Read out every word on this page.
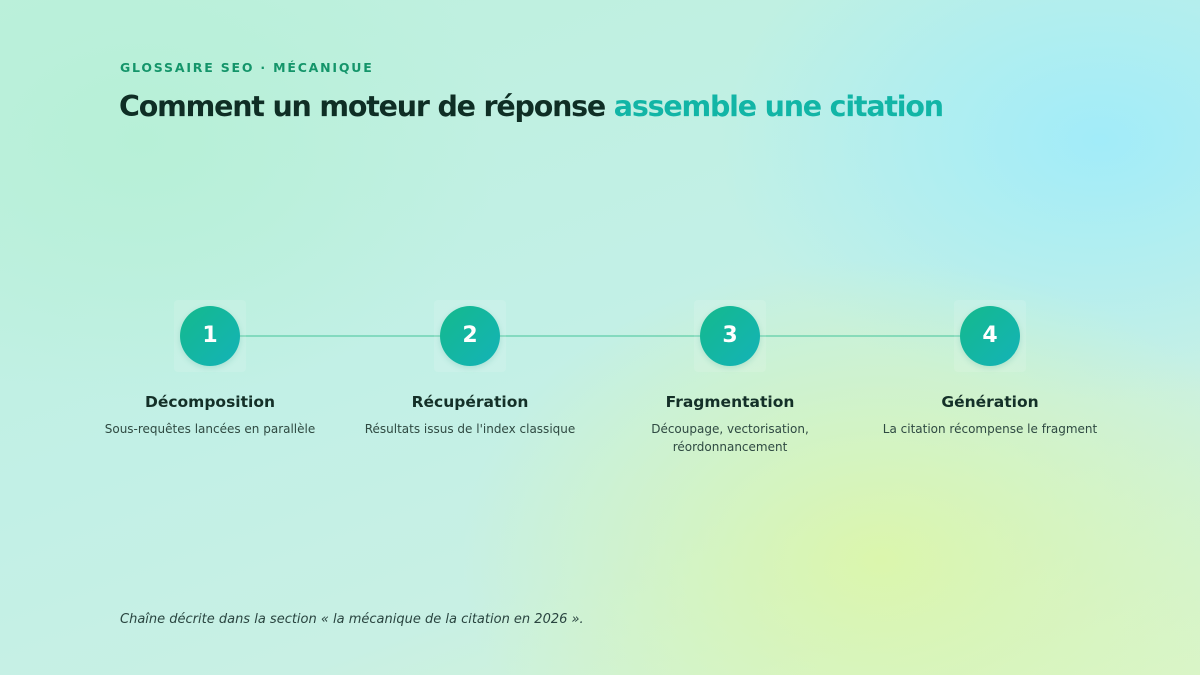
GLOSSAIRE SEO · MÉCANIQUE

Comment un moteur de réponse assemble une citation
1
Décomposition
Sous-requêtes lancées en parallèle
2
Récupération
Résultats issus de l'index classique
3
Fragmentation
Découpage, vectorisation,
réordonnancement
4
Génération
La citation récompense le fragment

Chaîne décrite dans la section « la mécanique de la citation en 2026 ».
